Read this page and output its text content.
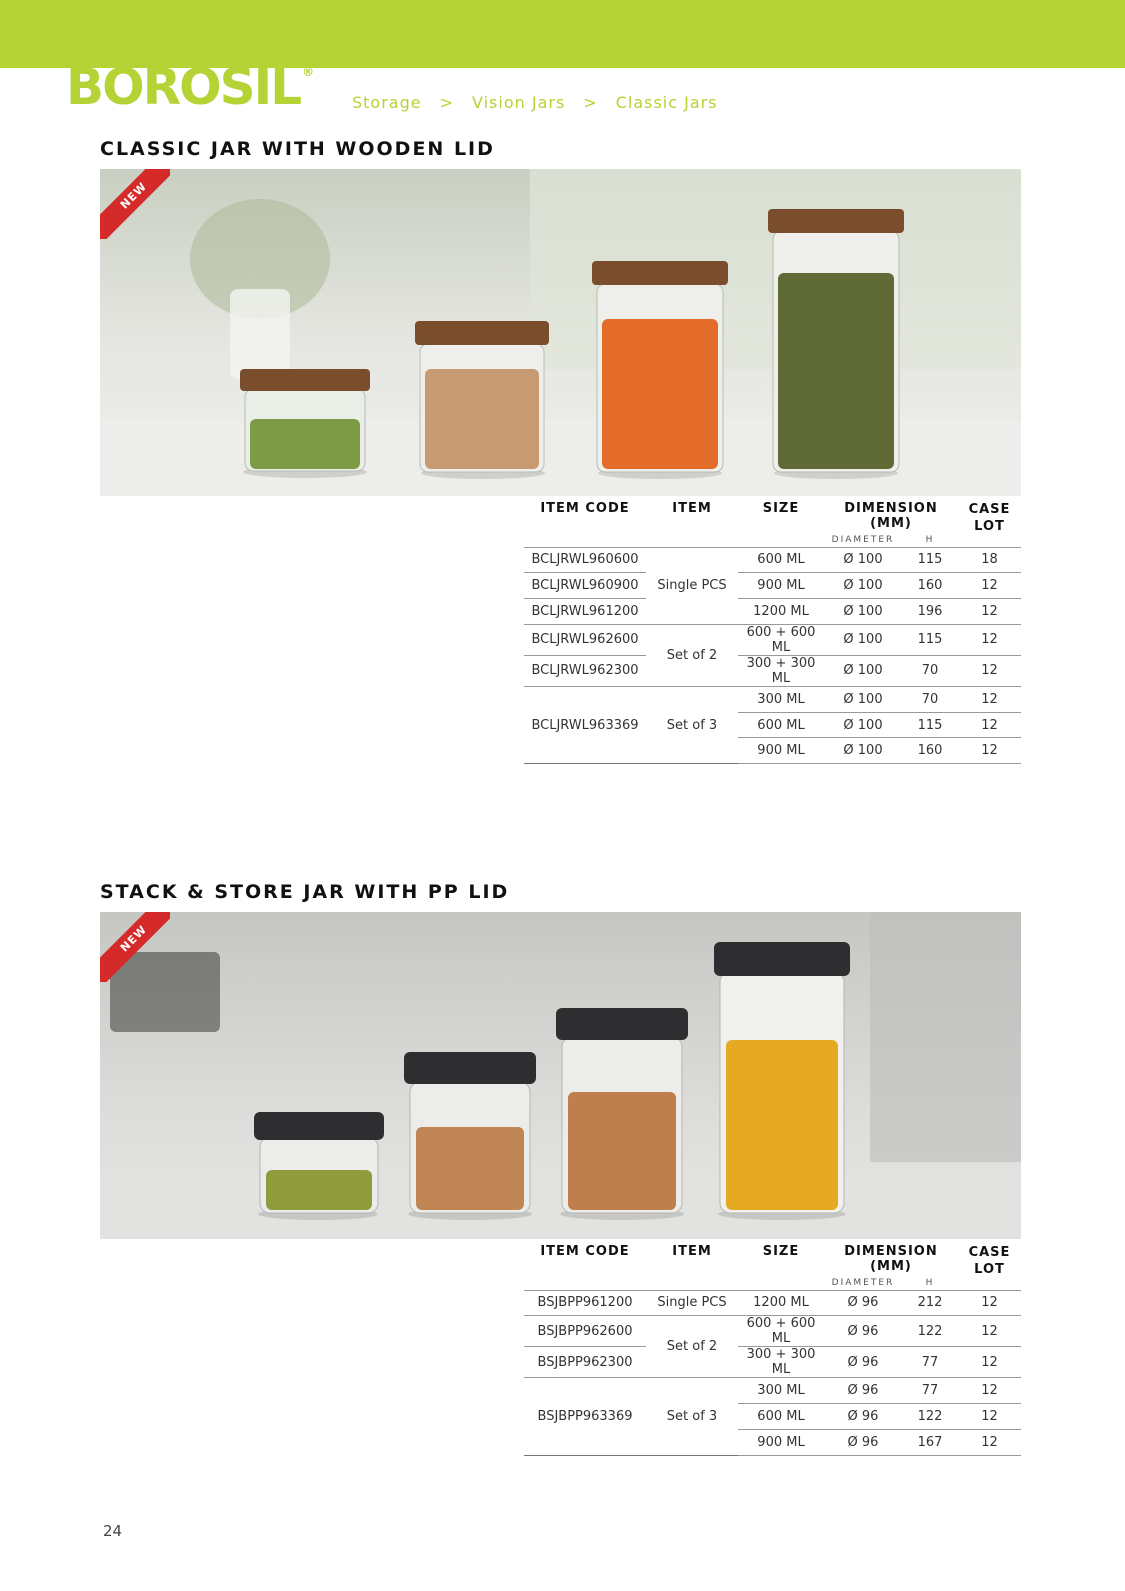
BOROSIL ®
Storage > Vision Jars > Classic Jars
CLASSIC JAR WITH WOODEN LID
NEW
ITEM CODE	ITEM	SIZE	DIMENSION (MM)		CASE
LOT
			DIAMETER	H	
BCLJRWL960600	Single PCS	600 ML	Ø 100	115	18
BCLJRWL960900		900 ML	Ø 100	160	12
BCLJRWL961200		1200 ML	Ø 100	196	12
BCLJRWL962600	Set of 2	600 + 600 ML	Ø 100	115	12
BCLJRWL962300		300 + 300 ML	Ø 100	70	12
BCLJRWL963369	Set of 3	300 ML	Ø 100	70	12
		600 ML	Ø 100	115	12
		900 ML	Ø 100	160	12
STACK & STORE JAR WITH PP LID
NEW
ITEM CODE	ITEM	SIZE	DIMENSION (MM)		CASE
LOT
			DIAMETER	H	
BSJBPP961200	Single PCS	1200 ML	Ø 96	212	12
BSJBPP962600	Set of 2	600 + 600 ML	Ø 96	122	12
BSJBPP962300		300 + 300 ML	Ø 96	77	12
BSJBPP963369	Set of 3	300 ML	Ø 96	77	12
		600 ML	Ø 96	122	12
		900 ML	Ø 96	167	12
24
